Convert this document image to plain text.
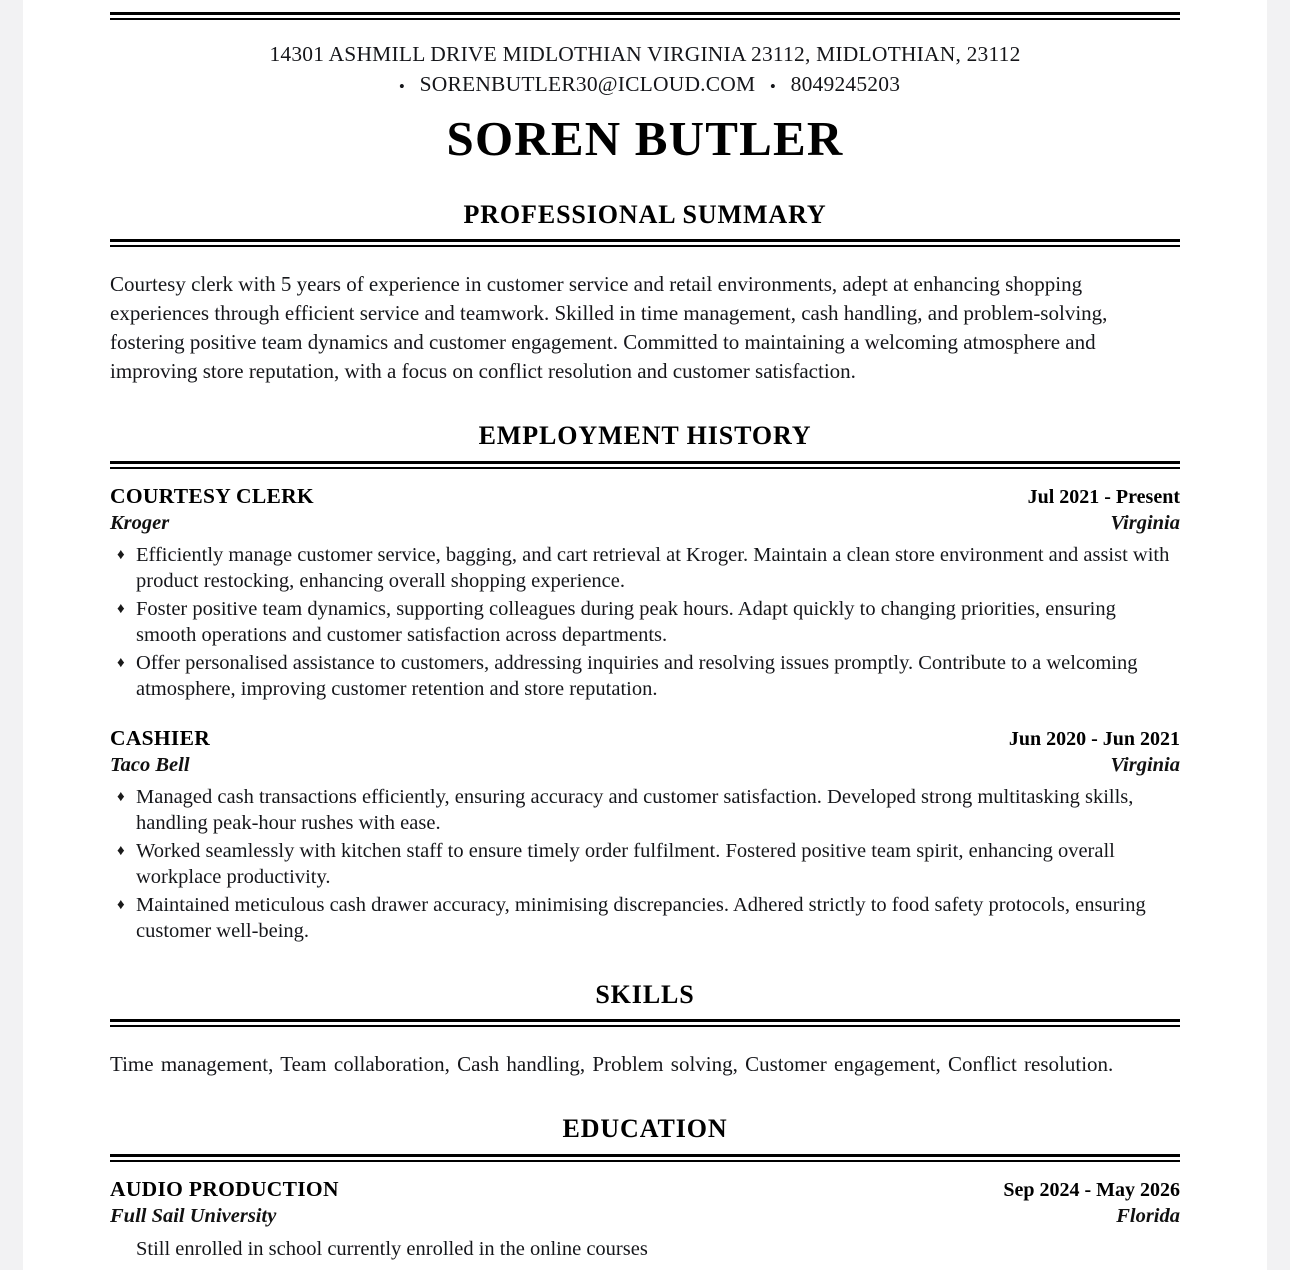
14301 ASHMILL DRIVE MIDLOTHIAN VIRGINIA 23112, MIDLOTHIAN, 23112
• SORENBUTLER30@ICLOUD.COM • 8049245203
SOREN BUTLER
PROFESSIONAL SUMMARY

Courtesy clerk with 5 years of experience in customer service and retail environments, adept at enhancing shopping experiences through efficient service and teamwork. Skilled in time management, cash handling, and problem-solving, fostering positive team dynamics and customer engagement. Committed to maintaining a welcoming atmosphere and improving store reputation, with a focus on conflict resolution and customer satisfaction.

EMPLOYMENT HISTORY
COURTESY CLERK	Jul 2021 - Present
Kroger	Virginia
♦ Efficiently manage customer service, bagging, and cart retrieval at Kroger. Maintain a clean store environment and assist with product restocking, enhancing overall shopping experience.
♦ Foster positive team dynamics, supporting colleagues during peak hours. Adapt quickly to changing priorities, ensuring smooth operations and customer satisfaction across departments.
♦ Offer personalised assistance to customers, addressing inquiries and resolving issues promptly. Contribute to a welcoming atmosphere, improving customer retention and store reputation.
CASHIER	Jun 2020 - Jun 2021
Taco Bell	Virginia
♦ Managed cash transactions efficiently, ensuring accuracy and customer satisfaction. Developed strong multitasking skills, handling peak-hour rushes with ease.
♦ Worked seamlessly with kitchen staff to ensure timely order fulfilment. Fostered positive team spirit, enhancing overall workplace productivity.
♦ Maintained meticulous cash drawer accuracy, minimising discrepancies. Adhered strictly to food safety protocols, ensuring customer well-being.
SKILLS

Time management, Team collaboration, Cash handling, Problem solving, Customer engagement, Conflict resolution.

EDUCATION
AUDIO PRODUCTION	Sep 2024 - May 2026
Full Sail University	Florida
Still enrolled in school currently enrolled in the online courses
